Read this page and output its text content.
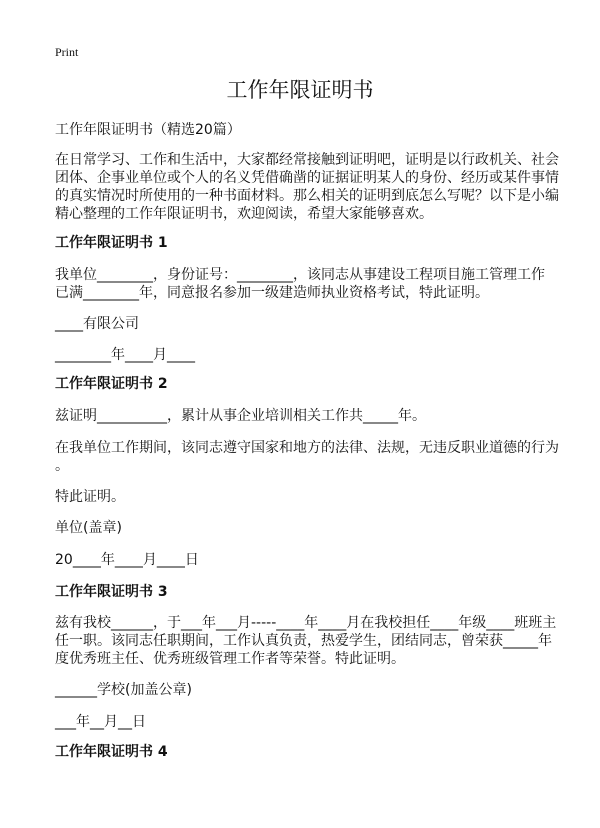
Print
工作年限证明书
工作年限证明书（精选20篇）
在日常学习、工作和生活中，大家都经常接触到证明吧，证明是以行政机关、社会
团体、企事业单位或个人的名义凭借确凿的证据证明某人的身份、经历或某件事情
的真实情况时所使用的一种书面材料。那么相关的证明到底怎么写呢？以下是小编
精心整理的工作年限证明书，欢迎阅读，希望大家能够喜欢。
工作年限证明书 1
我单位________，身份证号：________，该同志从事建设工程项目施工管理工作
已满________年，同意报名参加一级建造师执业资格考试，特此证明。
____有限公司
________年____月____
工作年限证明书 2
兹证明__________，累计从事企业培训相关工作共_____年。
在我单位工作期间，该同志遵守国家和地方的法律、法规，无违反职业道德的行为
。
特此证明。
单位(盖章)
20____年____月____日
工作年限证明书 3
兹有我校______，于___年___月-----____年____月在我校担任____年级____班班主
任一职。该同志任职期间，工作认真负责，热爱学生，团结同志，曾荣获_____年
度优秀班主任、优秀班级管理工作者等荣誉。特此证明。
______学校(加盖公章)
___年__月__日
工作年限证明书 4
